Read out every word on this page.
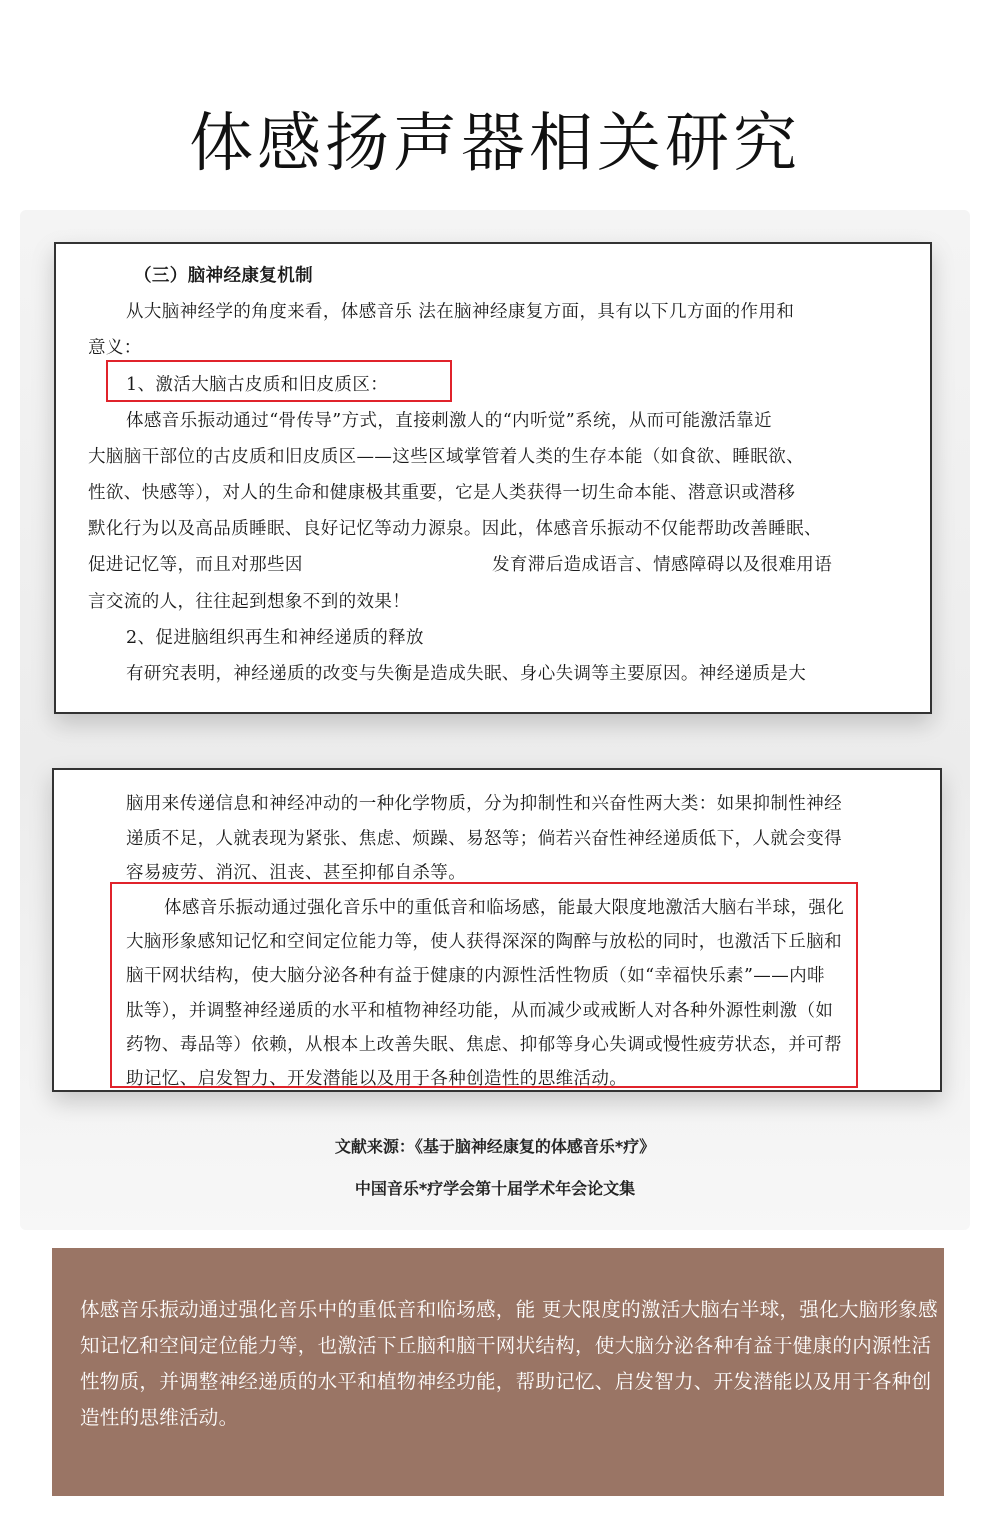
体感扬声器相关研究
（三）脑神经康复机制
从大脑神经学的角度来看，体感音乐 法在脑神经康复方面，具有以下几方面的作用和
意义：
1、激活大脑古皮质和旧皮质区：
体感音乐振动通过“骨传导”方式，直接刺激人的“内听觉”系统，从而可能激活靠近
大脑脑干部位的古皮质和旧皮质区——这些区域掌管着人类的生存本能（如食欲、睡眠欲、
性欲、快感等），对人的生命和健康极其重要，它是人类获得一切生命本能、潜意识或潜移
默化行为以及高品质睡眠、良好记忆等动力源泉。因此，体感音乐振动不仅能帮助改善睡眠、
促进记忆等，而且对那些因	发育滞后造成语言、情感障碍以及很难用语
言交流的人，往往起到想象不到的效果！
2、促进脑组织再生和神经递质的释放
有研究表明，神经递质的改变与失衡是造成失眠、身心失调等主要原因。神经递质是大
脑用来传递信息和神经冲动的一种化学物质，分为抑制性和兴奋性两大类：如果抑制性神经
递质不足，人就表现为紧张、焦虑、烦躁、易怒等；倘若兴奋性神经递质低下，人就会变得
容易疲劳、消沉、沮丧、甚至抑郁自杀等。
体感音乐振动通过强化音乐中的重低音和临场感，能最大限度地激活大脑右半球，强化
大脑形象感知记忆和空间定位能力等，使人获得深深的陶醉与放松的同时，也激活下丘脑和
脑干网状结构，使大脑分泌各种有益于健康的内源性活性物质（如“幸福快乐素”——内啡
肽等），并调整神经递质的水平和植物神经功能，从而减少或戒断人对各种外源性刺激（如
药物、毒品等）依赖，从根本上改善失眠、焦虑、抑郁等身心失调或慢性疲劳状态，并可帮
助记忆、启发智力、开发潜能以及用于各种创造性的思维活动。
文献来源：《基于脑神经康复的体感音乐*疗》
中国音乐*疗学会第十届学术年会论文集

体感音乐振动通过强化音乐中的重低音和临场感，能 更大限度的激活大脑右半球，强化大脑形象感知记忆和空间定位能力等，也激活下丘脑和脑干网状结构，使大脑分泌各种有益于健康的内源性活性物质，并调整神经递质的水平和植物神经功能，帮助记忆、启发智力、开发潜能以及用于各种创造性的思维活动。
